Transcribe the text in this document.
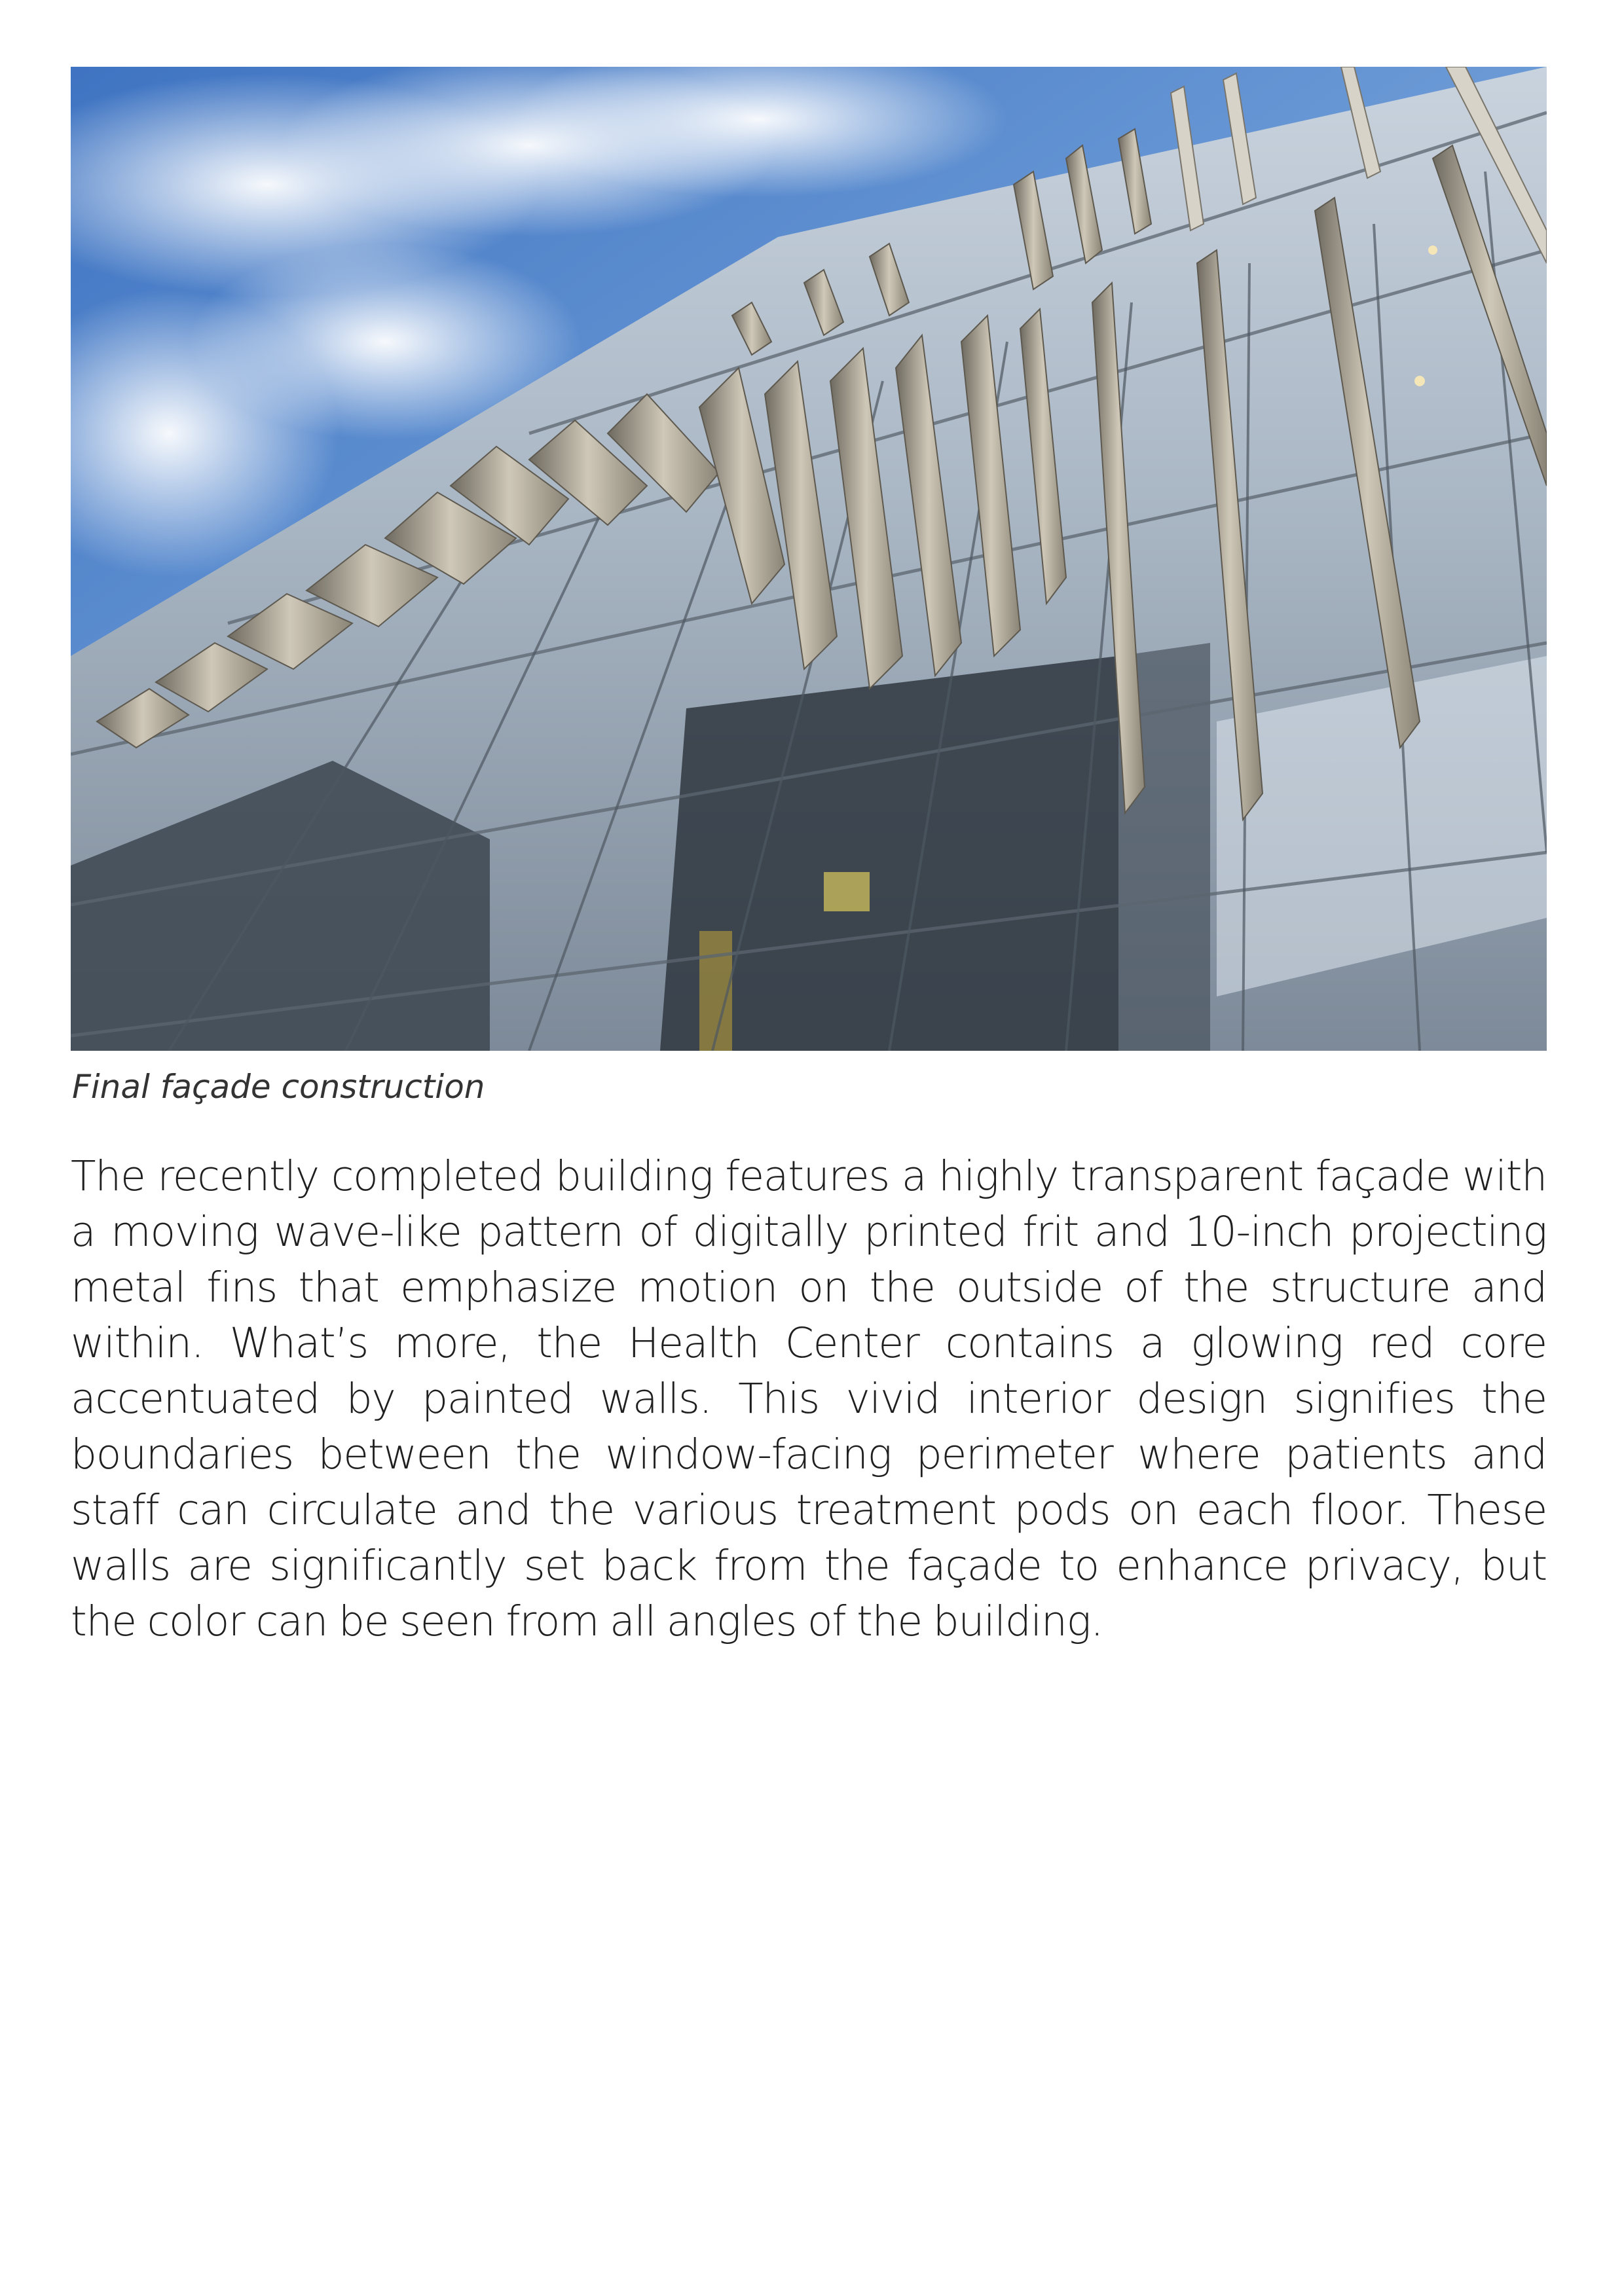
Final façade construction

The recently completed building features a highly transparent façade with a moving wave-like pattern of digitally printed frit and 10-inch projecting metal fins that emphasize motion on the outside of the structure and within. What’s more, the Health Center contains a glowing red core accentuated by painted walls. This vivid interior design signifies the boundaries between the window-facing perimeter where patients and staff can circulate and the various treatment pods on each floor. These walls are significantly set back from the façade to enhance privacy, but the color can be seen from all angles of the building.
